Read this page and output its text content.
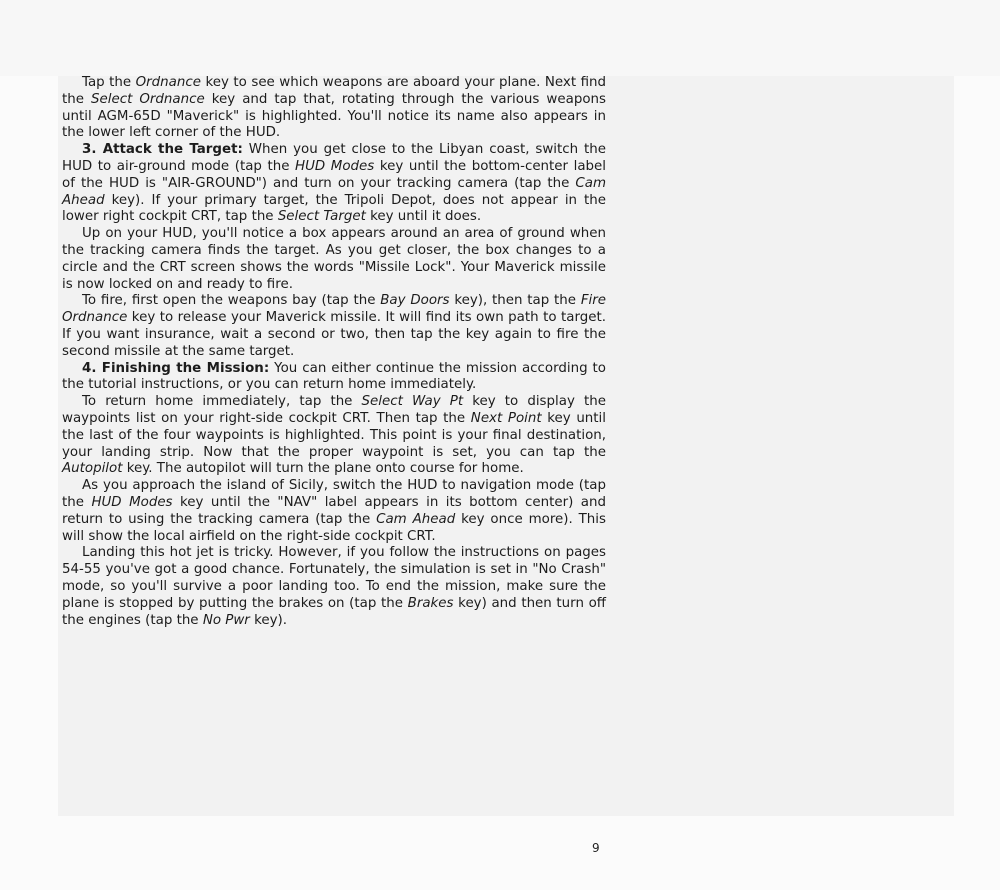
Tap the Ordnance key to see which weapons are aboard your plane. Next find the Select Ordnance key and tap that, rotating through the various weapons until AGM-65D "Maverick" is highlighted. You'll notice its name also appears in the lower left corner of the HUD.

3. Attack the Target: When you get close to the Libyan coast, switch the HUD to air-ground mode (tap the HUD Modes key until the bottom-center label of the HUD is "AIR-GROUND") and turn on your tracking camera (tap the Cam Ahead key). If your primary target, the Tripoli Depot, does not appear in the lower right cockpit CRT, tap the Select Target key until it does.

Up on your HUD, you'll notice a box appears around an area of ground when the tracking camera finds the target. As you get closer, the box changes to a circle and the CRT screen shows the words "Missile Lock". Your Maverick missile is now locked on and ready to fire.

To fire, first open the weapons bay (tap the Bay Doors key), then tap the Fire Ordnance key to release your Maverick missile. It will find its own path to target. If you want insurance, wait a second or two, then tap the key again to fire the second missile at the same target.

4. Finishing the Mission: You can either continue the mission according to the tutorial instructions, or you can return home immediately.

To return home immediately, tap the Select Way Pt key to display the waypoints list on your right-side cockpit CRT. Then tap the Next Point key until the last of the four waypoints is highlighted. This point is your final destination, your landing strip. Now that the proper waypoint is set, you can tap the Autopilot key. The autopilot will turn the plane onto course for home.

As you approach the island of Sicily, switch the HUD to navigation mode (tap the HUD Modes key until the "NAV" label appears in its bottom center) and return to using the tracking camera (tap the Cam Ahead key once more). This will show the local airfield on the right-side cockpit CRT.

Landing this hot jet is tricky. However, if you follow the instructions on pages 54-55 you've got a good chance. Fortunately, the simulation is set in "No Crash" mode, so you'll survive a poor landing too. To end the mission, make sure the plane is stopped by putting the brakes on (tap the Brakes key) and then turn off the engines (tap the No Pwr key).

9
